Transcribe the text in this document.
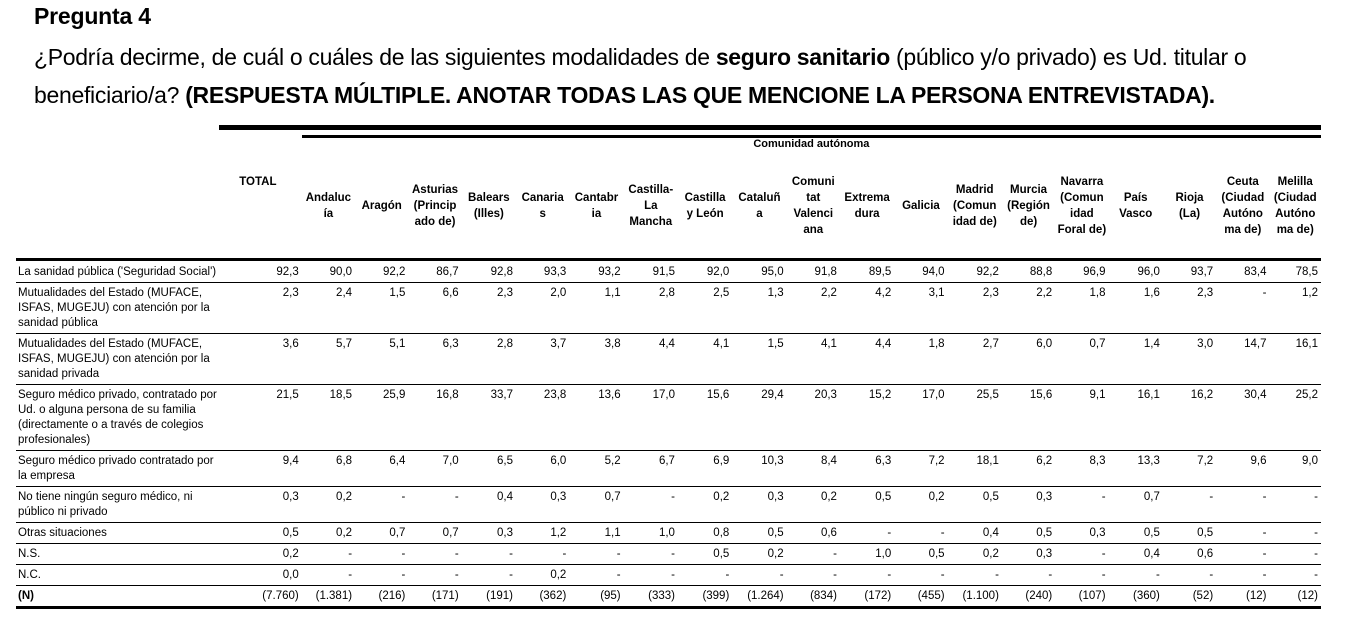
Pregunta 4
¿Podría decirme, de cuál o cuáles de las siguientes modalidades de seguro sanitario (público y/o privado) es Ud. titular o beneficiario/a? (RESPUESTA MÚLTIPLE. ANOTAR TODAS LAS QUE MENCIONE LA PERSONA ENTREVISTADA).

		Comunidad autónoma																		
	TOTAL	Andaluc ía	Aragón	Asturias (Princip ado de)	Balears (Illes)	Canaria s	Cantabr ia	Castilla- La Mancha	Castilla y León	Cataluñ a	Comuni tat Valenci ana	Extrema dura	Galicia	Madrid (Comun idad de)	Murcia (Región de)	Navarra (Comun idad Foral de)	País Vasco	Rioja (La)	Ceuta (Ciudad Autóno ma de)	Melilla (Ciudad Autóno ma de)
La sanidad pública ('Seguridad Social')	92,3	90,0	92,2	86,7	92,8	93,3	93,2	91,5	92,0	95,0	91,8	89,5	94,0	92,2	88,8	96,9	96,0	93,7	83,4	78,5
Mutualidades del Estado (MUFACE, ISFAS, MUGEJU) con atención por la sanidad pública	2,3	2,4	1,5	6,6	2,3	2,0	1,1	2,8	2,5	1,3	2,2	4,2	3,1	2,3	2,2	1,8	1,6	2,3	-	1,2
Mutualidades del Estado (MUFACE, ISFAS, MUGEJU) con atención por la sanidad privada	3,6	5,7	5,1	6,3	2,8	3,7	3,8	4,4	4,1	1,5	4,1	4,4	1,8	2,7	6,0	0,7	1,4	3,0	14,7	16,1
Seguro médico privado, contratado por Ud. o alguna persona de su familia (directamente o a través de colegios profesionales)	21,5	18,5	25,9	16,8	33,7	23,8	13,6	17,0	15,6	29,4	20,3	15,2	17,0	25,5	15,6	9,1	16,1	16,2	30,4	25,2
Seguro médico privado contratado por la empresa	9,4	6,8	6,4	7,0	6,5	6,0	5,2	6,7	6,9	10,3	8,4	6,3	7,2	18,1	6,2	8,3	13,3	7,2	9,6	9,0
No tiene ningún seguro médico, ni público ni privado	0,3	0,2	-	-	0,4	0,3	0,7	-	0,2	0,3	0,2	0,5	0,2	0,5	0,3	-	0,7	-	-	-
Otras situaciones	0,5	0,2	0,7	0,7	0,3	1,2	1,1	1,0	0,8	0,5	0,6	-	-	0,4	0,5	0,3	0,5	0,5	-	-
N.S.	0,2	-	-	-	-	-	-	-	0,5	0,2	-	1,0	0,5	0,2	0,3	-	0,4	0,6	-	-
N.C.	0,0	-	-	-	-	0,2	-	-	-	-	-	-	-	-	-	-	-	-	-	-
(N)	(7.760)	(1.381)	(216)	(171)	(191)	(362)	(95)	(333)	(399)	(1.264)	(834)	(172)	(455)	(1.100)	(240)	(107)	(360)	(52)	(12)	(12)
